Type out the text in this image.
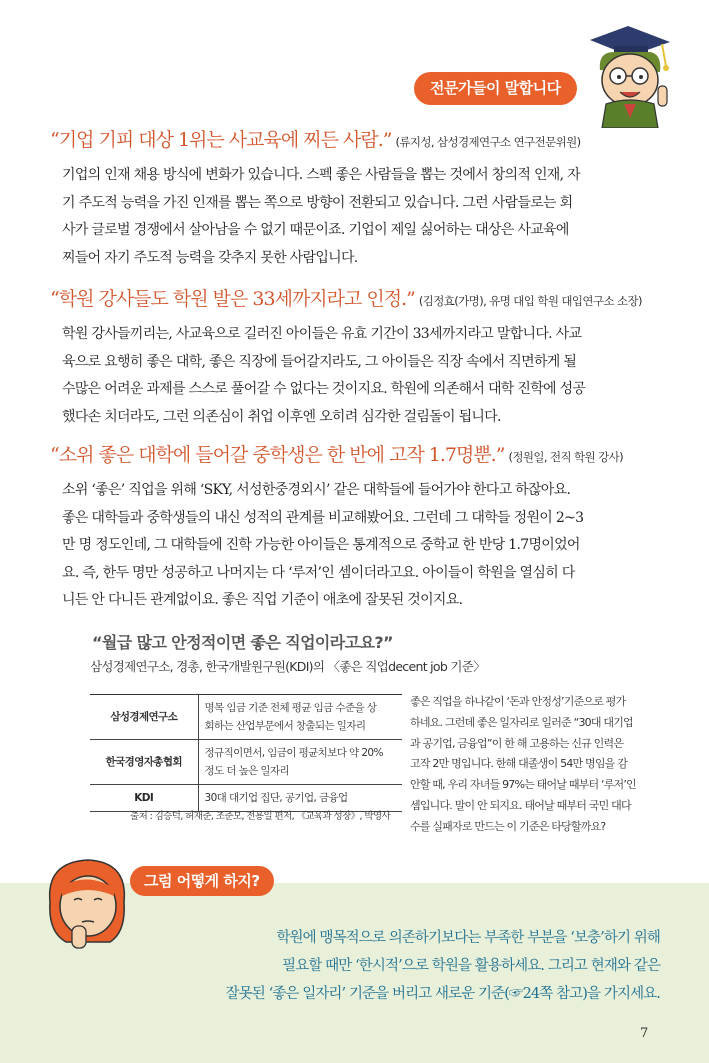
전문가들이 말합니다
“기업 기피 대상 1위는 사교육에 찌든 사람.” (류지성, 삼성경제연구소 연구전문위원)
기업의 인재 채용 방식에 변화가 있습니다. 스펙 좋은 사람들을 뽑는 것에서 창의적 인재, 자
기 주도적 능력을 가진 인재를 뽑는 쪽으로 방향이 전환되고 있습니다. 그런 사람들로는 회
사가 글로벌 경쟁에서 살아남을 수 없기 때문이죠. 기업이 제일 싫어하는 대상은 사교육에
찌들어 자기 주도적 능력을 갖추지 못한 사람입니다.
“학원 강사들도 학원 발은 33세까지라고 인정.” (김정효(가명), 유명 대입 학원 대입연구소 소장)
학원 강사들끼리는, 사교육으로 길러진 아이들은 유효 기간이 33세까지라고 말합니다. 사교
육으로 요행히 좋은 대학, 좋은 직장에 들어갈지라도, 그 아이들은 직장 속에서 직면하게 될
수많은 어려운 과제를 스스로 풀어갈 수 없다는 것이지요. 학원에 의존해서 대학 진학에 성공
했다손 치더라도, 그런 의존심이 취업 이후엔 오히려 심각한 걸림돌이 됩니다.
“소위 좋은 대학에 들어갈 중학생은 한 반에 고작 1.7명뿐.” (정원일, 전직 학원 강사)
소위 ‘좋은’ 직업을 위해 ‘SKY, 서성한중경외시’ 같은 대학들에 들어가야 한다고 하잖아요.
좋은 대학들과 중학생들의 내신 성적의 관계를 비교해봤어요. 그런데 그 대학들 정원이 2~3
만 명 정도인데, 그 대학들에 진학 가능한 아이들은 통계적으로 중학교 한 반당 1.7명이었어
요. 즉, 한두 명만 성공하고 나머지는 다 ‘루저’인 셈이더라고요. 아이들이 학원을 열심히 다
니든 안 다니든 관계없이요. 좋은 직업 기준이 애초에 잘못된 것이지요.
“월급 많고 안정적이면 좋은 직업이라고요?”
삼성경제연구소, 경총, 한국개발원구원(KDI)의 〈좋은 직업decent job 기준〉
삼성경제연구소	명목 임금 기준 전체 평균 임금 수준을 상
회하는 산업부문에서 창출되는 일자리

한국경영자총협회	정규직이면서, 임금이 평균치보다 약 20%
정도 더 높은 일자리

KDI	30대 대기업 집단, 공기업, 금융업
출처 : 김승덕, 허재준, 조준모, 전용일 편저, 《교육과 성장》, 박영사
좋은 직업을 하나같이 ‘돈과 안정성’기준으로 평가
하네요. 그런데 좋은 일자리로 일러준 “30대 대기업
과 공기업, 금융업”이 한 해 고용하는 신규 인력은
고작 2만 명입니다. 한해 대졸생이 54만 명임을 감
안할 때, 우리 자녀들 97%는 태어날 때부터 ‘루저’인
셈입니다. 말이 안 되지요. 태어날 때부터 국민 대다
수를 실패자로 만드는 이 기준은 타당할까요?
그럼 어떻게 하지?
학원에 맹목적으로 의존하기보다는 부족한 부분을 ‘보충’하기 위해
필요할 때만 ‘한시적’으로 학원을 활용하세요. 그리고 현재와 같은
잘못된 ‘좋은 일자리’ 기준을 버리고 새로운 기준(☞24쪽 참고)을 가지세요.
7
